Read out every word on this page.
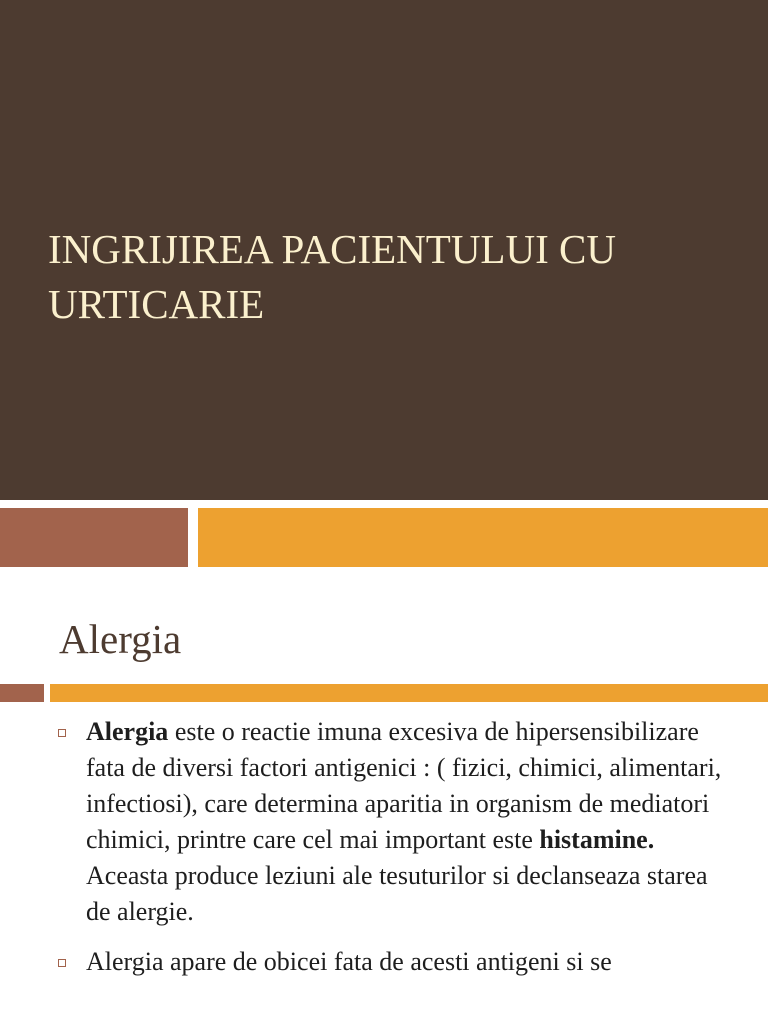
INGRIJIREA PACIENTULUI CU URTICARIE
Alergia
Alergia este o reactie imuna excesiva de hipersensibilizare fata de diversi factori antigenici : ( fizici, chimici, alimentari, infectiosi), care determina aparitia in organism de mediatori chimici, printre care cel mai important este histamine. Aceasta produce leziuni ale tesuturilor si declanseaza starea de alergie.
Alergia apare de obicei fata de acesti antigeni si se
